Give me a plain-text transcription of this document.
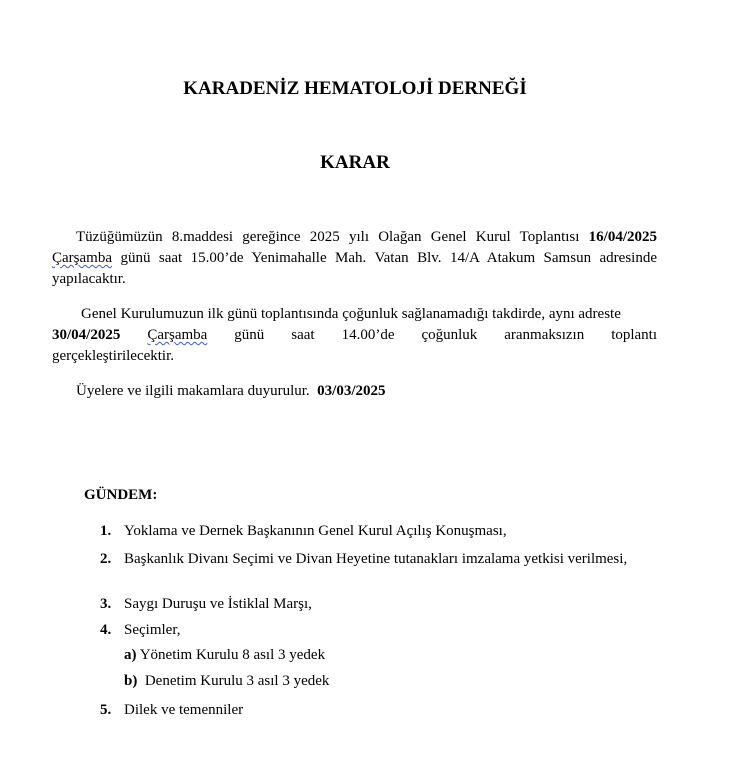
KARADENİZ HEMATOLOJİ DERNEĞİ
KARAR
Tüzüğümüzün 8.maddesi gereğince 2025 yılı Olağan Genel Kurul Toplantısı 16/04/2025 Çarşamba günü saat 15.00’de Yenimahalle Mah. Vatan Blv. 14/A Atakum Samsun adresinde yapılacaktır.
Genel Kurulumuzun ilk günü toplantısında çoğunluk sağlanamadığı takdirde, aynı adreste
30/04/2025 Çarşamba günü saat 14.00’de çoğunluk aranmaksızın toplantı
gerçekleştirilecektir.
Üyelere ve ilgili makamlara duyurulur. 03/03/2025
GÜNDEM:
1. Yoklama ve Dernek Başkanının Genel Kurul Açılış Konuşması,
2. Başkanlık Divanı Seçimi ve Divan Heyetine tutanakları imzalama yetkisi verilmesi,
3. Saygı Duruşu ve İstiklal Marşı,
4. Seçimler,
a) Yönetim Kurulu 8 asıl 3 yedek
b) Denetim Kurulu 3 asıl 3 yedek
5. Dilek ve temenniler
